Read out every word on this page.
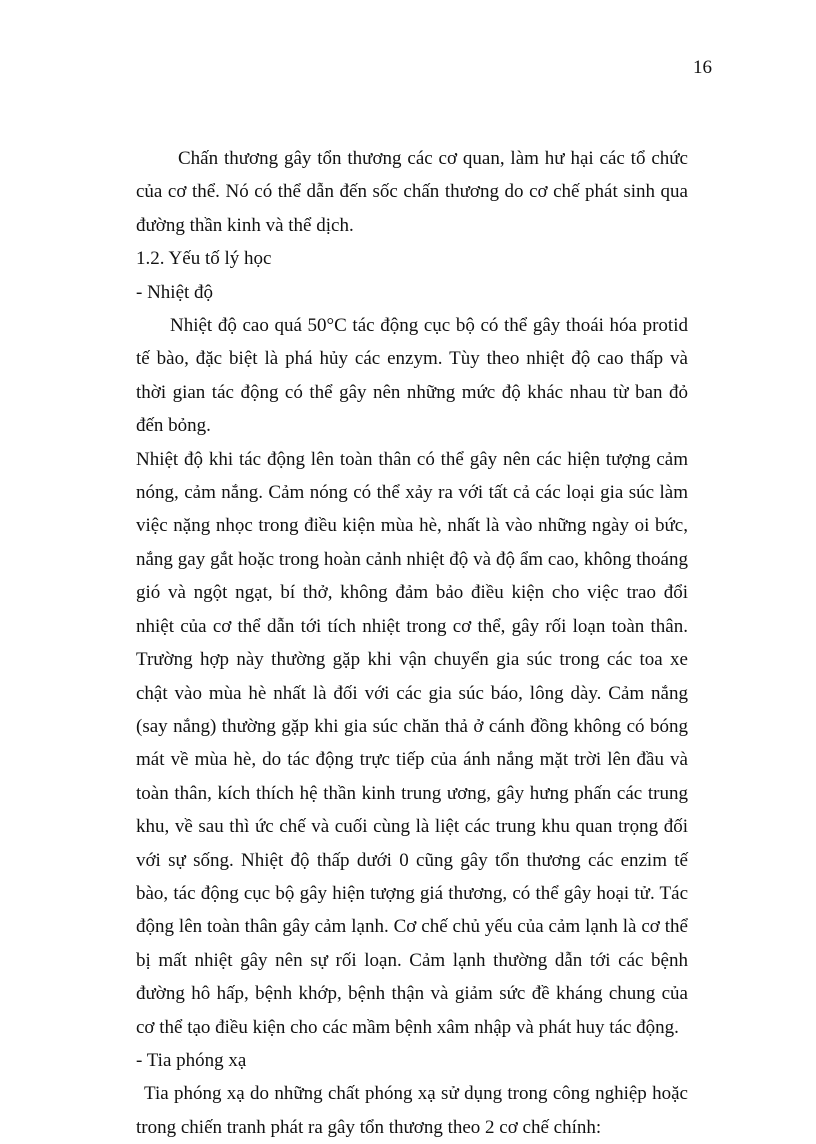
16

Chấn thương gây tổn thương các cơ quan, làm hư hại các tổ chức của cơ thể. Nó có thể dẫn đến sốc chấn thương do cơ chế phát sinh qua đường thần kinh và thể dịch.

1.2. Yếu tố lý học

- Nhiệt độ

Nhiệt độ cao quá 50°C tác động cục bộ có thể gây thoái hóa protid tế bào, đặc biệt là phá hủy các enzym. Tùy theo nhiệt độ cao thấp và thời gian tác động có thể gây nên những mức độ khác nhau từ ban đỏ đến bỏng.

Nhiệt độ khi tác động lên toàn thân có thể gây nên các hiện tượng cảm nóng, cảm nắng. Cảm nóng có thể xảy ra với tất cả các loại gia súc làm việc nặng nhọc trong điều kiện mùa hè, nhất là vào những ngày oi bức, nắng gay gắt hoặc trong hoàn cảnh nhiệt độ và độ ẩm cao, không thoáng gió và ngột ngạt, bí thở, không đảm bảo điều kiện cho việc trao đổi nhiệt của cơ thể dẫn tới tích nhiệt trong cơ thể, gây rối loạn toàn thân. Trường hợp này thường gặp khi vận chuyển gia súc trong các toa xe chật vào mùa hè nhất là đối với các gia súc báo, lông dày. Cảm nắng (say nắng) thường gặp khi gia súc chăn thả ở cánh đồng không có bóng mát về mùa hè, do tác động trực tiếp của ánh nắng mặt trời lên đầu và toàn thân, kích thích hệ thần kinh trung ương, gây hưng phấn các trung khu, về sau thì ức chế và cuối cùng là liệt các trung khu quan trọng đối với sự sống. Nhiệt độ thấp dưới 0 cũng gây tổn thương các enzim tế bào, tác động cục bộ gây hiện tượng giá thương, có thể gây hoại tử. Tác động lên toàn thân gây cảm lạnh. Cơ chế chủ yếu của cảm lạnh là cơ thể bị mất nhiệt gây nên sự rối loạn. Cảm lạnh thường dẫn tới các bệnh đường hô hấp, bệnh khớp, bệnh thận và giảm sức đề kháng chung của cơ thể tạo điều kiện cho các mầm bệnh xâm nhập và phát huy tác động.

- Tia phóng xạ

Tia phóng xạ do những chất phóng xạ sử dụng trong công nghiệp hoặc trong chiến tranh phát ra gây tổn thương theo 2 cơ chế chính:
